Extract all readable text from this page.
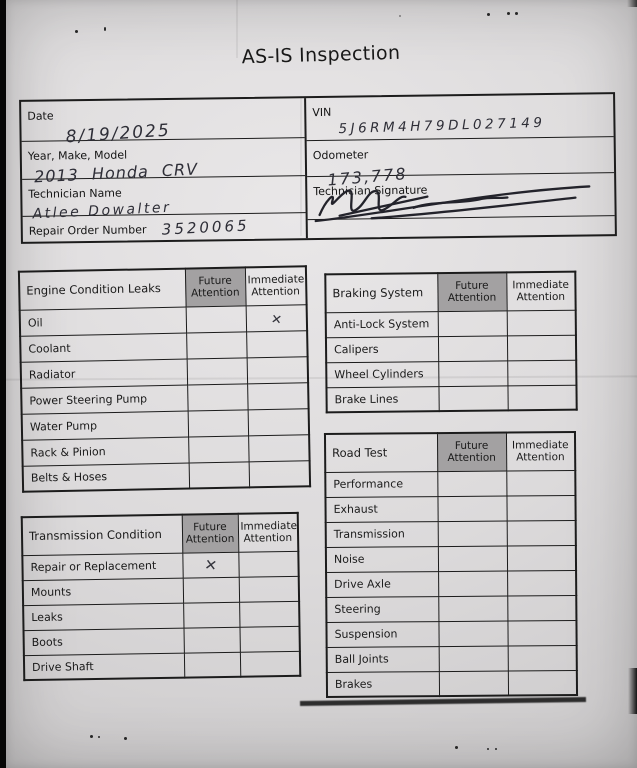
AS-IS Inspection
Date
8/19/2025
Year, Make, Model
2013 Honda CRV
Technician Name
Atlee Dowalter
Repair Order Number 3520065
VIN
5J6RM4H79DL027149
Odometer
173,778
Technician Signature
Engine Condition Leaks	Future Attention	Immediate Attention
Oil		✕
Coolant		
Radiator		
Power Steering Pump		
Water Pump		
Rack & Pinion		
Belts & Hoses		
Braking System	Future Attention	Immediate Attention
Anti-Lock System		
Calipers		
Wheel Cylinders		
Brake Lines		
Road Test	Future Attention	Immediate Attention
Performance		
Exhaust		
Transmission		
Noise		
Drive Axle		
Steering		
Suspension		
Ball Joints		
Brakes		
Transmission Condition	Future Attention	Immediate Attention
Repair or Replacement	✕	
Mounts		
Leaks		
Boots		
Drive Shaft		
